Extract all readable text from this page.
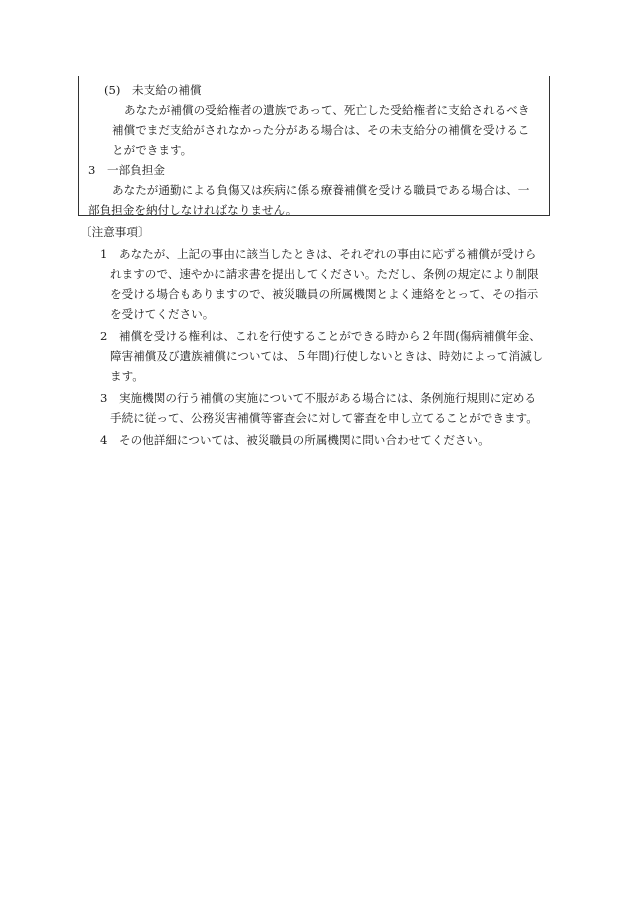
(5)　未支給の補償
あなたが補償の受給権者の遺族であって、死亡した受給権者に支給されるべき
補償でまだ支給がされなかった分がある場合は、その未支給分の補償を受けるこ
とができます。
3　一部負担金
あなたが通勤による負傷又は疾病に係る療養補償を受ける職員である場合は、一
部負担金を納付しなければなりません。
〔注意事項〕
1　あなたが、上記の事由に該当したときは、それぞれの事由に応ずる補償が受けら
れますので、速やかに請求書を提出してください。ただし、条例の規定により制限
を受ける場合もありますので、被災職員の所属機関とよく連絡をとって、その指示
を受けてください。
2　補償を受ける権利は、これを行使することができる時から２年間(傷病補償年金、
障害補償及び遺族補償については、５年間)行使しないときは、時効によって消滅し
ます。
3　実施機関の行う補償の実施について不服がある場合には、条例施行規則に定める
手続に従って、公務災害補償等審査会に対して審査を申し立てることができます。
4　その他詳細については、被災職員の所属機関に問い合わせてください。
